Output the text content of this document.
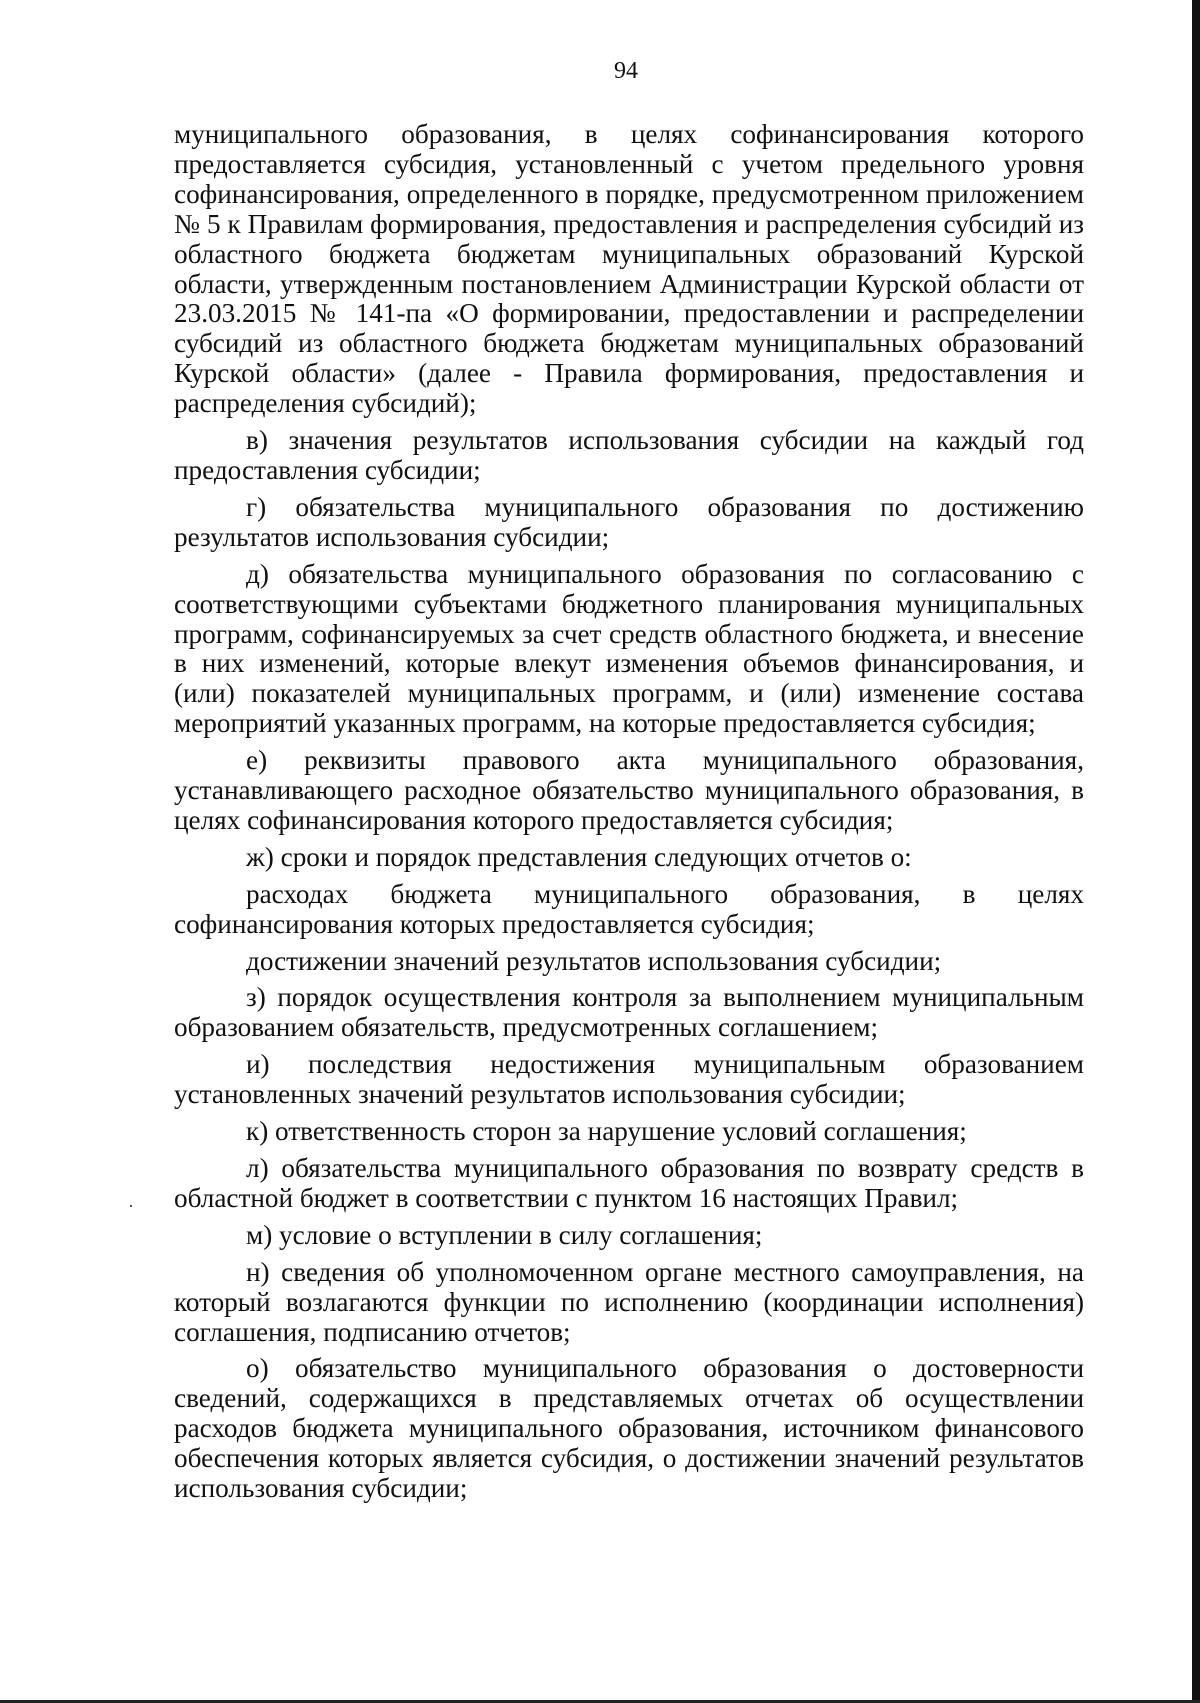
94

муниципального образования, в целях софинансирования которого предоставляется субсидия, установленный с учетом предельного уровня софинансирования, определенного в порядке, предусмотренном приложением № 5 к Правилам формирования, предоставления и распределения субсидий из областного бюджета бюджетам муниципальных образований Курской области, утвержденным постановлением Администрации Курской области от 23.03.2015 № 141-па «О формировании, предоставлении и распределении субсидий из областного бюджета бюджетам муниципальных образований Курской области» (далее - Правила формирования, предоставления и распределения субсидий);

в) значения результатов использования субсидии на каждый год предоставления субсидии;

г) обязательства муниципального образования по достижению результатов использования субсидии;

д) обязательства муниципального образования по согласованию с соответствующими субъектами бюджетного планирования муниципальных программ, софинансируемых за счет средств областного бюджета, и внесение в них изменений, которые влекут изменения объемов финансирования, и (или) показателей муниципальных программ, и (или) изменение состава мероприятий указанных программ, на которые предоставляется субсидия;

е) реквизиты правового акта муниципального образования, устанавливающего расходное обязательство муниципального образования, в целях софинансирования которого предоставляется субсидия;

ж) сроки и порядок представления следующих отчетов о:

расходах бюджета муниципального образования, в целях софинансирования которых предоставляется субсидия;

достижении значений результатов использования субсидии;

з) порядок осуществления контроля за выполнением муниципальным образованием обязательств, предусмотренных соглашением;

и) последствия недостижения муниципальным образованием установленных значений результатов использования субсидии;

к) ответственность сторон за нарушение условий соглашения;

л) обязательства муниципального образования по возврату средств в областной бюджет в соответствии с пунктом 16 настоящих Правил;

м) условие о вступлении в силу соглашения;

н) сведения об уполномоченном органе местного самоуправления, на который возлагаются функции по исполнению (координации исполнения) соглашения, подписанию отчетов;

о) обязательство муниципального образования о достоверности сведений, содержащихся в представляемых отчетах об осуществлении расходов бюджета муниципального образования, источником финансового обеспечения которых является субсидия, о достижении значений результатов использования субсидии;
